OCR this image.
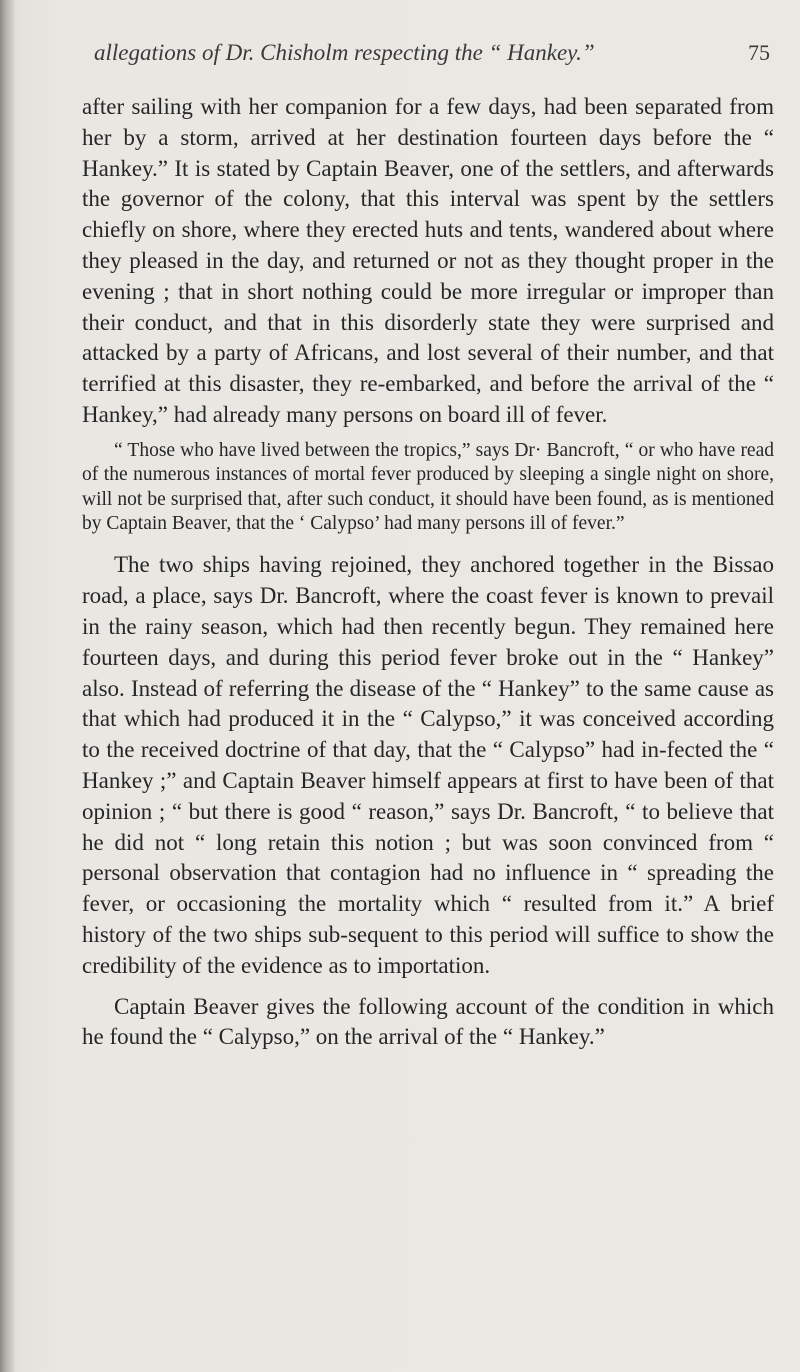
allegations of Dr. Chisholm respecting the “ Hankey.”	75

after sailing with her companion for a few days, had been separated from her by a storm, arrived at her destination fourteen days before the “ Hankey.” It is stated by Captain Beaver, one of the settlers, and afterwards the governor of the colony, that this interval was spent by the settlers chiefly on shore, where they erected huts and tents, wandered about where they pleased in the day, and returned or not as they thought proper in the evening ; that in short nothing could be more irregular or improper than their conduct, and that in this disorderly state they were surprised and attacked by a party of Africans, and lost several of their number, and that terrified at this disaster, they re-embarked, and before the arrival of the “ Hankey,” had already many persons on board ill of fever.

“ Those who have lived between the tropics,” says Dr· Bancroft, “ or who have read of the numerous instances of mortal fever produced by sleeping a single night on shore, will not be surprised that, after such conduct, it should have been found, as is mentioned by Captain Beaver, that the ‘ Calypso’ had many persons ill of fever.”

The two ships having rejoined, they anchored together in the Bissao road, a place, says Dr. Bancroft, where the coast fever is known to prevail in the rainy season, which had then recently begun. They remained here fourteen days, and during this period fever broke out in the “ Hankey” also. Instead of referring the disease of the “ Hankey” to the same cause as that which had produced it in the “ Calypso,” it was conceived according to the received doctrine of that day, that the “ Calypso” had in-fected the “ Hankey ;” and Captain Beaver himself appears at first to have been of that opinion ; “ but there is good “ reason,” says Dr. Bancroft, “ to believe that he did not “ long retain this notion ; but was soon convinced from “ personal observation that contagion had no influence in “ spreading the fever, or occasioning the mortality which “ resulted from it.” A brief history of the two ships sub-sequent to this period will suffice to show the credibility of the evidence as to importation.

Captain Beaver gives the following account of the condition in which he found the “ Calypso,” on the arrival of the “ Hankey.”
